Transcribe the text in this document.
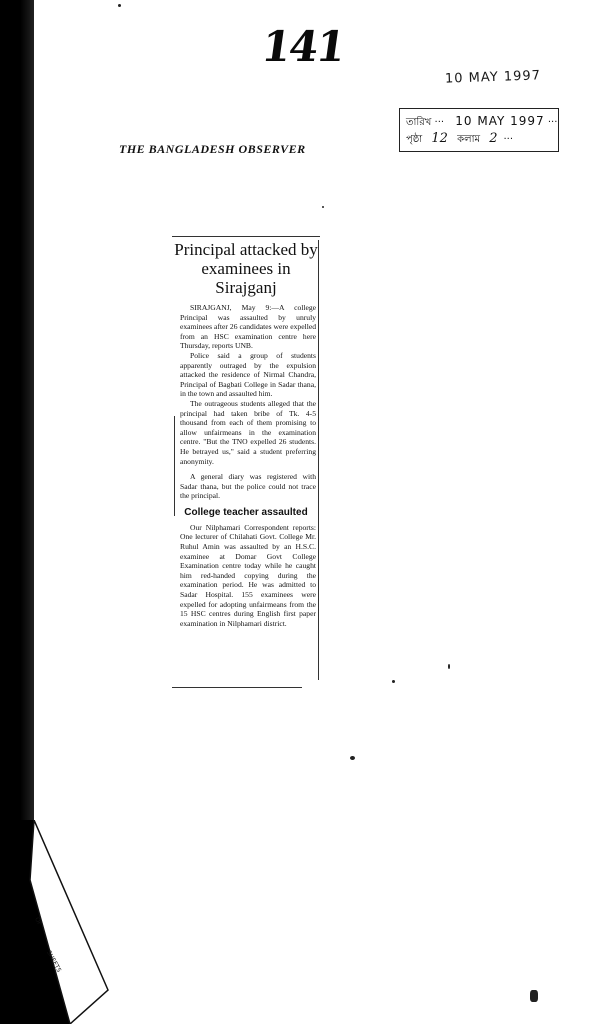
141
10 MAY 1997
তারিখ ··· 10 MAY 1997 ···
পৃষ্ঠা 12 কলাম 2 ···
THE BANGLADESH OBSERVER
Principal attacked by examinees in Sirajganj

SIRAJGANJ, May 9:—A college Principal was assaulted by unruly examinees after 26 candidates were expelled from an HSC examination centre here Thursday, reports UNB.

Police said a group of students apparently outraged by the expulsion attacked the residence of Nirmal Chandra, Principal of Bagbati College in Sadar thana, in the town and assaulted him.

The outrageous students alleged that the principal had taken bribe of Tk. 4-5 thousand from each of them promising to allow unfairmeans in the examination centre. "But the TNO expelled 26 students. He betrayed us," said a student preferring anonymity.

A general diary was registered with Sadar thana, but the police could not trace the principal.

College teacher assaulted

Our Nilphamari Correspondent reports: One lecturer of Chilahati Govt. College Mr. Ruhul Amin was assaulted by an H.S.C. examinee at Domar Govt College Examination centre today while he caught him red-handed copying during the examination period. He was admitted to Sadar Hospital. 155 examinees were expelled for adopting unfairmeans from the 15 HSC centres during English first paper examination in Nilphamari district.

OF
SHEETS
